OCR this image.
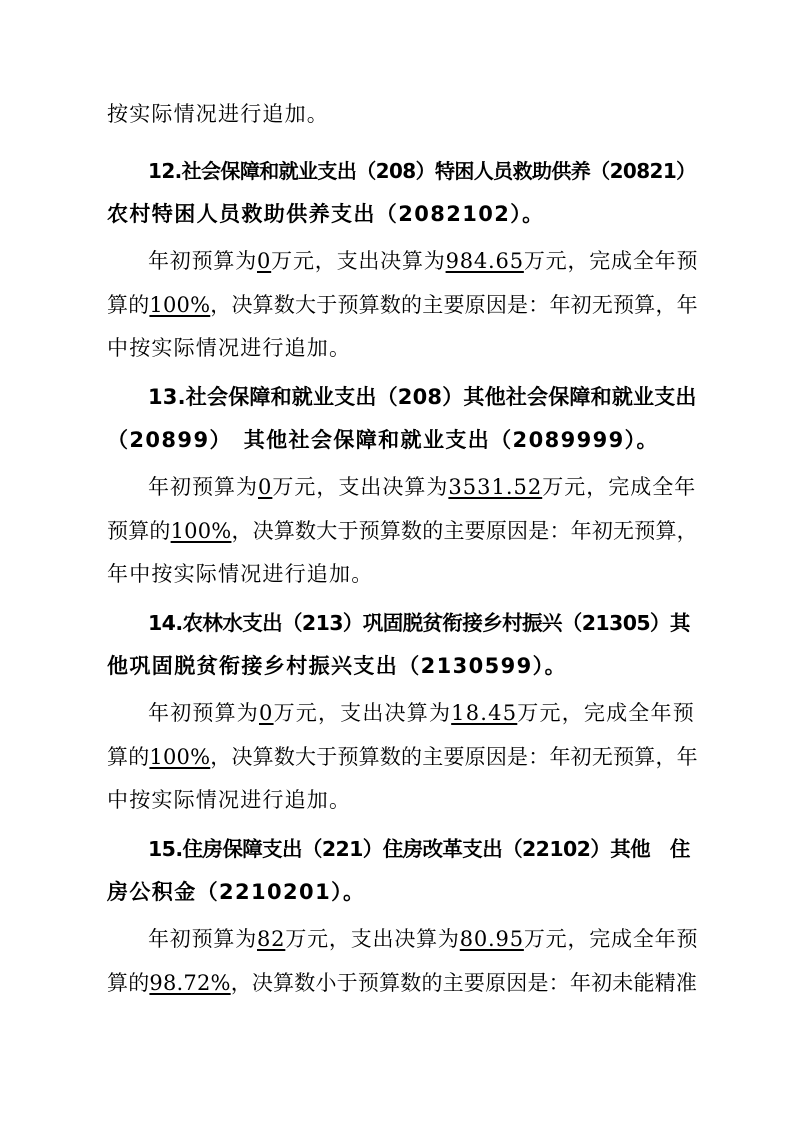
按实际情况进行追加。
12.社会保障和就业支出（208）特困人员救助供养（20821）
农村特困人员救助供养支出（2082102）。
年初预算为0万元，支出决算为984.65万元，完成全年预
算的100%，决算数大于预算数的主要原因是：年初无预算，年
中按实际情况进行追加。
13.社会保障和就业支出（208）其他社会保障和就业支出
（20899）　其他社会保障和就业支出（2089999）。
年初预算为0万元，支出决算为3531.52万元，完成全年
预算的100%，决算数大于预算数的主要原因是：年初无预算，
年中按实际情况进行追加。
14.农林水支出（213）巩固脱贫衔接乡村振兴（21305）其
他巩固脱贫衔接乡村振兴支出（2130599）。
年初预算为0万元，支出决算为18.45万元，完成全年预
算的100%，决算数大于预算数的主要原因是：年初无预算，年
中按实际情况进行追加。
15.住房保障支出（221）住房改革支出（22102）其他　住
房公积金（2210201）。
年初预算为82万元，支出决算为80.95万元，完成全年预
算的98.72%，决算数小于预算数的主要原因是：年初未能精准
